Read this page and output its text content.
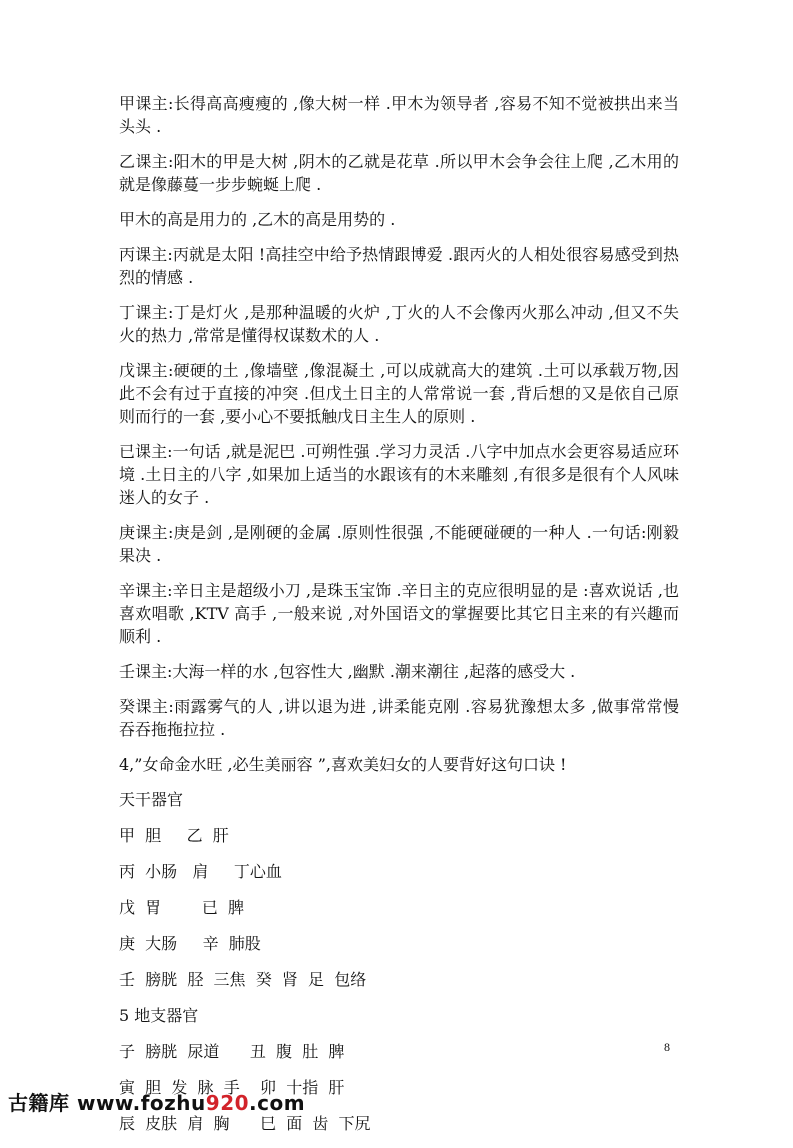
甲课主:长得高高瘦瘦的 ,像大树一样 .甲木为领导者 ,容易不知不觉被拱出来当头头 .

乙课主:阳木的甲是大树 ,阴木的乙就是花草 .所以甲木会争会往上爬 ,乙木用的就是像藤蔓一步步蜿蜒上爬 .

甲木的高是用力的 ,乙木的高是用势的 .

丙课主:丙就是太阳 !高挂空中给予热情跟博爱 .跟丙火的人相处很容易感受到热烈的情感 .

丁课主:丁是灯火 ,是那种温暖的火炉 ,丁火的人不会像丙火那么冲动 ,但又不失火的热力 ,常常是懂得权谋数术的人 .

戊课主:硬硬的土 ,像墙壁 ,像混凝土 ,可以成就高大的建筑 .土可以承载万物,因此不会有过于直接的冲突 .但戊土日主的人常常说一套 ,背后想的又是依自己原则而行的一套 ,要小心不要抵触戊日主生人的原则 .

已课主:一句话 ,就是泥巴 .可朔性强 .学习力灵活 .八字中加点水会更容易适应环境 .土日主的八字 ,如果加上适当的水跟该有的木来雕刻 ,有很多是很有个人风味迷人的女子 .

庚课主:庚是剑 ,是刚硬的金属 .原则性很强 ,不能硬碰硬的一种人 .一句话:刚毅果决 .

辛课主:辛日主是超级小刀 ,是珠玉宝饰 .辛日主的克应很明显的是 :喜欢说话 ,也喜欢唱歌 ,KTV 高手 ,一般来说 ,对外国语文的掌握要比其它日主来的有兴趣而顺利 .

壬课主:大海一样的水 ,包容性大 ,幽默 .潮来潮往 ,起落的感受大 .

癸课主:雨露雾气的人 ,讲以退为进 ,讲柔能克刚 .容易犹豫想太多 ,做事常常慢 吞吞拖拖拉拉 .

4,”女命金水旺 ,必生美丽容 ”,喜欢美妇女的人要背好这句口诀 !

天干器官

甲  胆     乙  肝

丙  小肠   肩     丁心血

戊  胃        已  脾

庚  大肠     辛  肺股

壬  膀胱  胫  三焦  癸  肾  足  包络

5 地支器官

子  膀胱  尿道      丑  腹  肚  脾

寅  胆  发  脉  手    卯  十指  肝

辰  皮肤  肩  胸      巳  面  齿  下尻

8
古籍库 www.fozhu920.com
